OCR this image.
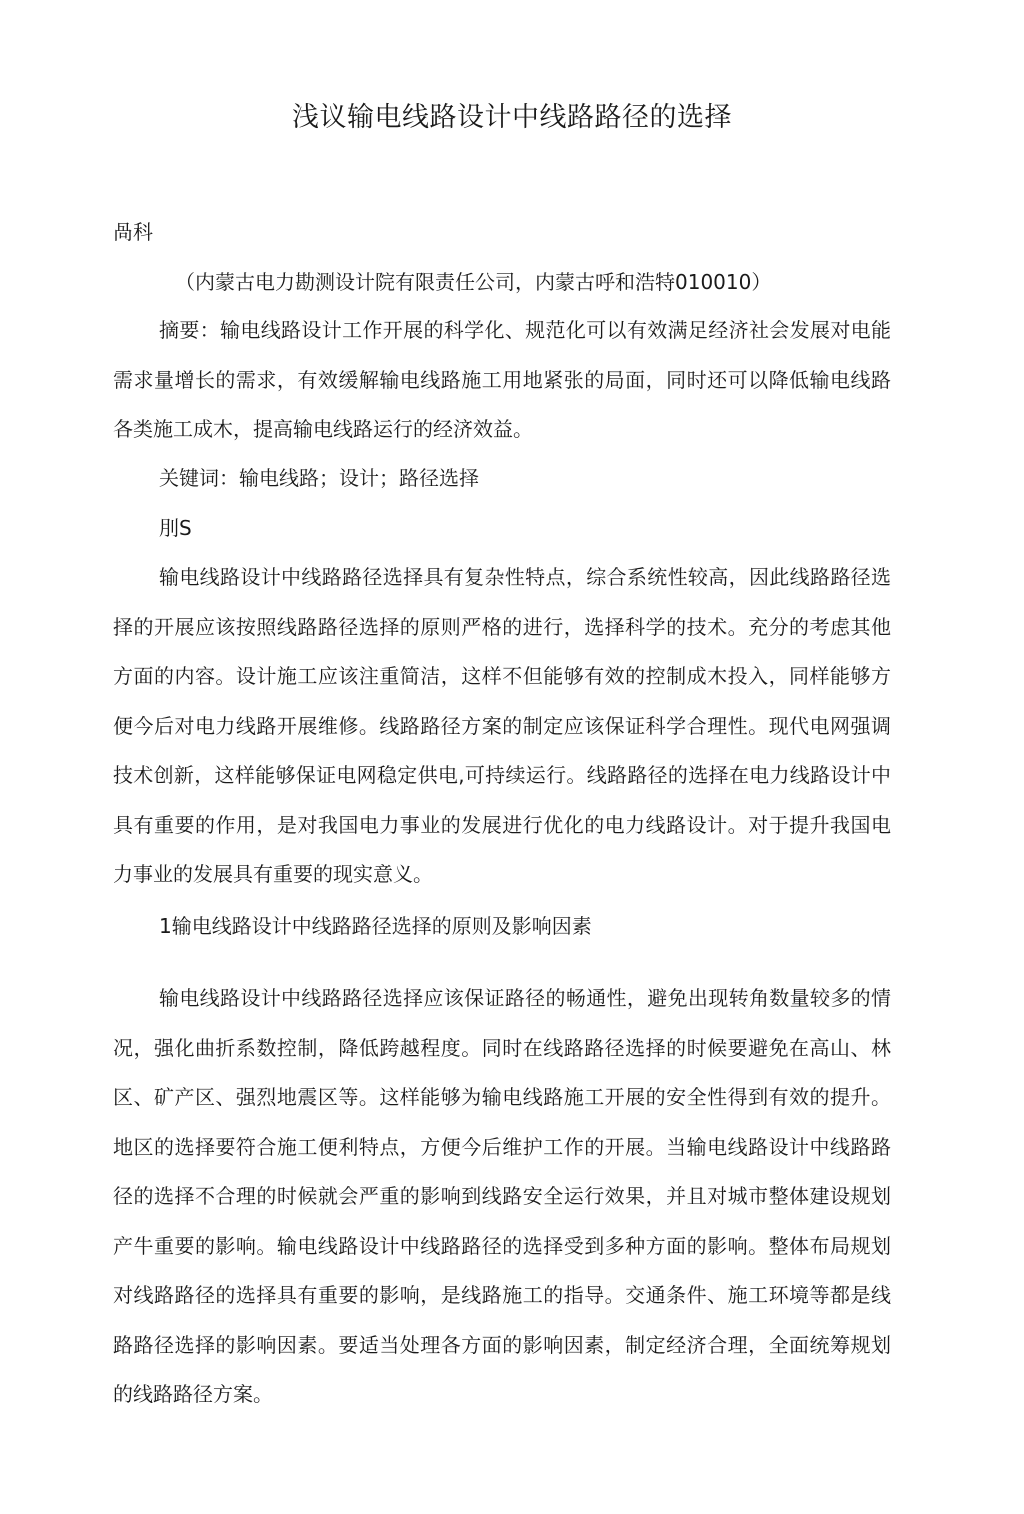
浅议输电线路设计中线路路径的选择
咼科
（内蒙古电力勘测设计院有限责任公司，内蒙古呼和浩特010010）

摘要：输电线路设计工作开展的科学化、规范化可以有效满足经济社会发展对电能需求量增长的需求，有效缓解输电线路施工用地紧张的局面，同时还可以降低输电线路各类施工成木，提高输电线路运行的经济效益。

关键词：输电线路；设计；路径选择
刖S

输电线路设计中线路路径选择具有复杂性特点，综合系统性较高，因此线路路径选择的开展应该按照线路路径选择的原则严格的进行，选择科学的技术。充分的考虑其他方面的内容。设计施工应该注重简洁，这样不但能够有效的控制成木投入，同样能够方便今后对电力线路开展维修。线路路径方案的制定应该保证科学合理性。现代电网强调技术创新，这样能够保证电网稳定供电,可持续运行。线路路径的选择在电力线路设计中具有重要的作用，是对我国电力事业的发展进行优化的电力线路设计。对于提升我国电力事业的发展具有重要的现实意义。

1输电线路设计中线路路径选择的原则及影响因素

输电线路设计中线路路径选择应该保证路径的畅通性，避免出现转角数量较多的情况，强化曲折系数控制，降低跨越程度。同时在线路路径选择的时候要避免在高山、林区、矿产区、强烈地震区等。这样能够为输电线路施工开展的安全性得到有效的提升。地区的选择要符合施工便利特点，方便今后维护工作的开展。当输电线路设计中线路路径的选择不合理的时候就会严重的影响到线路安全运行效果，并且对城市整体建设规划产牛重要的影响。输电线路设计中线路路径的选择受到多种方面的影响。整体布局规划对线路路径的选择具有重要的影响，是线路施工的指导。交通条件、施工环境等都是线路路径选择的影响因素。要适当处理各方面的影响因素，制定经济合理，全面统筹规划的线路路径方案。
